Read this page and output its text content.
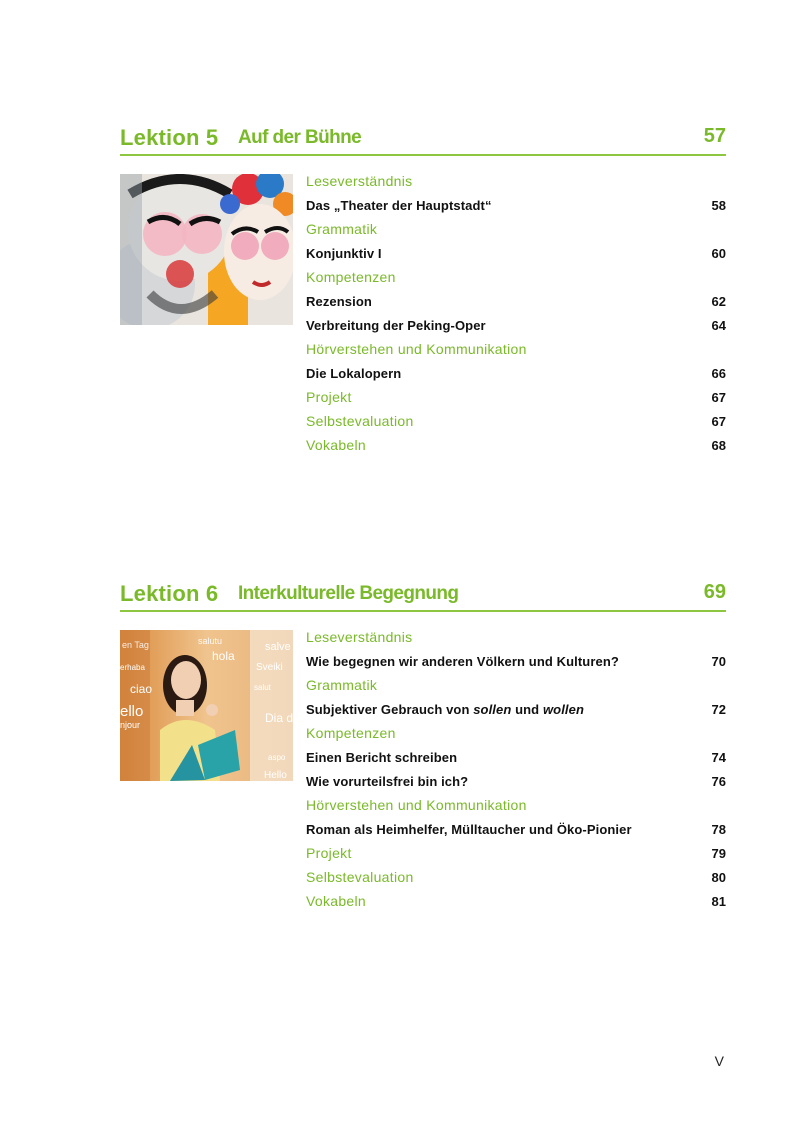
Lektion 5 Auf der Bühne	57
Leseverständnis
Das „Theater der Hauptstadt“	58
Grammatik
Konjunktiv I	60
Kompetenzen
Rezension	62
Verbreitung der Peking-Oper	64
Hörverstehen und Kommunikation
Die Lokalopern	66
Projekt	67
Selbstevaluation	67
Vokabeln	68
Lektion 6 Interkulturelle Begegnung	69
en Tag	salutu
hola
salve
erhaba	Sveiki
ciao
ello
njour	Dia d
Hello
salut
aspo
Leseverständnis
Wie begegnen wir anderen Völkern und Kulturen?	70
Grammatik
Subjektiver Gebrauch von sollen und wollen	72
Kompetenzen
Einen Bericht schreiben	74
Wie vorurteilsfrei bin ich?	76
Hörverstehen und Kommunikation
Roman als Heimhelfer, Mülltaucher und Öko-Pionier	78
Projekt	79
Selbstevaluation	80
Vokabeln	81
V
